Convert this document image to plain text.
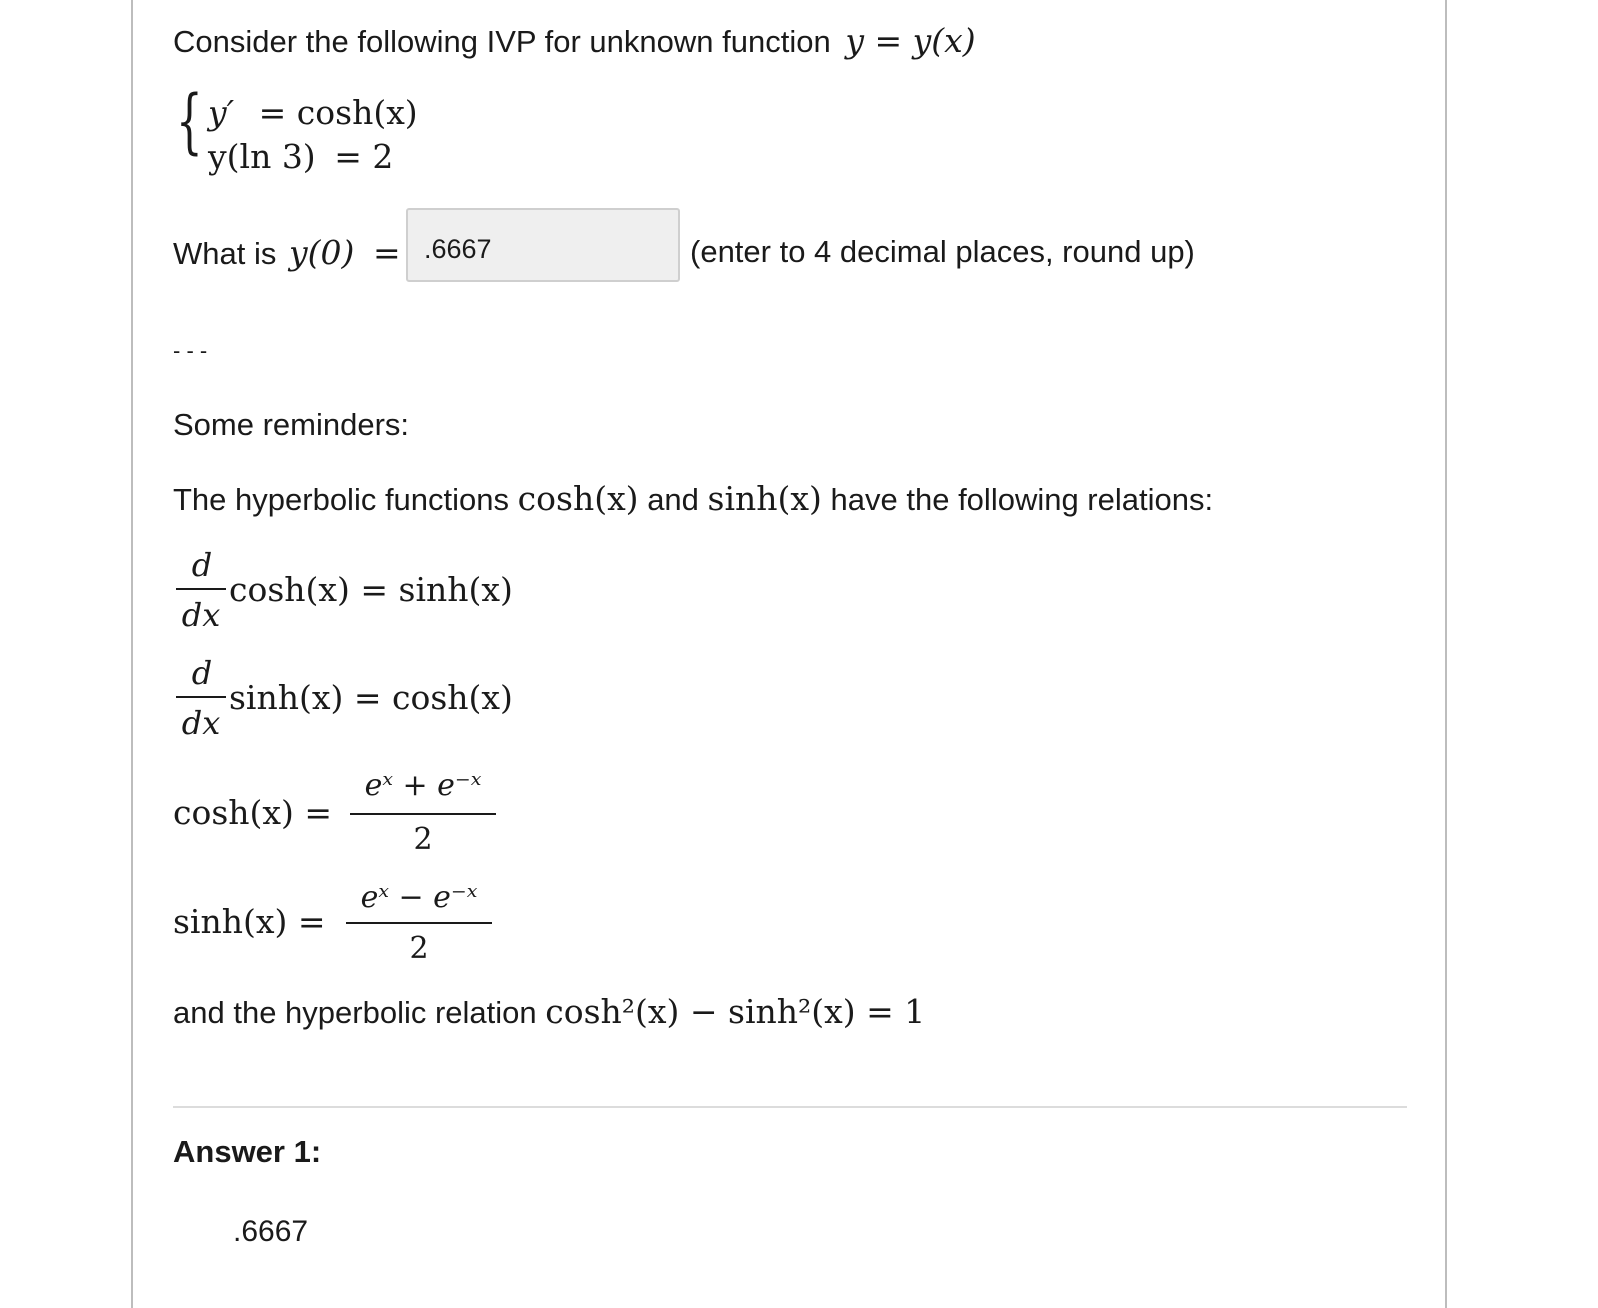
Consider the following IVP for unknown function y = y(x)
{ y′ = cosh(x)
y(ln 3) = 2
What is y(0) = .6667	(enter to 4 decimal places, round up)
- - -
Some reminders:
The hyperbolic functions cosh(x) and sinh(x) have the following relations:
d
dx
cosh(x) = sinh(x)
d
dx
sinh(x) = cosh(x)
cosh(x) =
eˣ + e⁻ˣ
2
sinh(x) =
eˣ − e⁻ˣ
2
and the hyperbolic relation cosh²(x) − sinh²(x) = 1
Answer 1:
.6667
